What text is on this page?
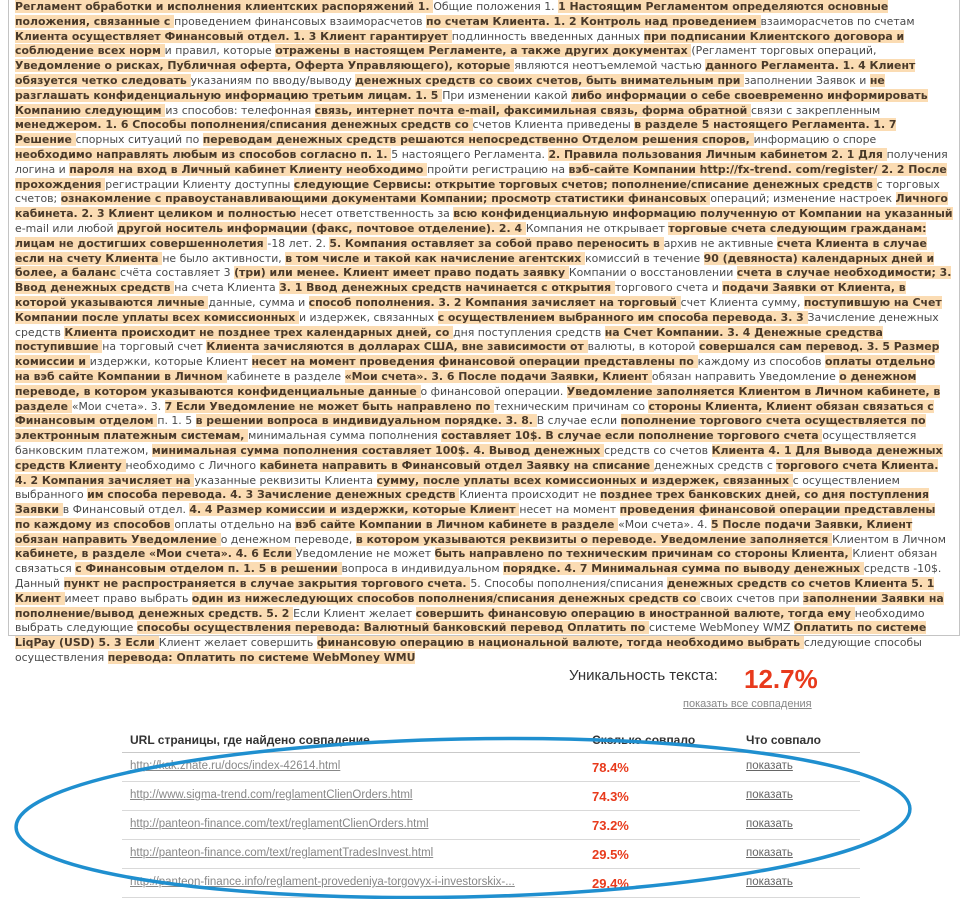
Регламент обработки и исполнения клиентских распоряжений 1. Общие положения 1. 1 Настоящим Регламентом определяются основные положения, связанные с проведением финансовых взаиморасчетов по счетам Клиента. 1. 2 Контроль над проведением взаиморасчетов по счетам Клиента осуществляет Финансовый отдел. 1. 3 Клиент гарантирует подлинность введенных данных при подписании Клиентского договора и соблюдение всех норм и правил, которые отражены в настоящем Регламенте, а также других документах (Регламент торговых операций, Уведомление о рисках, Публичная оферта, Оферта Управляющего), которые являются неотъемлемой частью данного Регламента. 1. 4 Клиент обязуется четко следовать указаниям по вводу/выводу денежных средств со своих счетов, быть внимательным при заполнении Заявок и не разглашать конфиденциальную информацию третьим лицам. 1. 5 При изменении какой либо информации о себе своевременно информировать Компанию следующим из способов: телефонная связь, интернет почта e-mail, факсимильная связь, форма обратной связи с закрепленным менеджером. 1. 6 Способы пополнения/списания денежных средств со счетов Клиента приведены в разделе 5 настоящего Регламента. 1. 7 Решение спорных ситуаций по переводам денежных средств решаются непосредственно Отделом решения споров, информацию о споре необходимо направлять любым из способов согласно п. 1. 5 настоящего Регламента. 2. Правила пользования Личным кабинетом 2. 1 Для получения логина и пароля на вход в Личный кабинет Клиенту необходимо пройти регистрацию на вэб-сайте Компании http://fx-trend. com/register/ 2. 2 После прохождения регистрации Клиенту доступны следующие Сервисы: открытие торговых счетов; пополнение/списание денежных средств с торговых счетов; ознакомление с правоустанавливающими документами Компании; просмотр статистики финансовых операций; изменение настроек Личного кабинета. 2. 3 Клиент целиком и полностью несет ответственность за всю конфиденциальную информацию полученную от Компании на указанный e-mail или любой другой носитель информации (факс, почтовое отделение). 2. 4 Компания не открывает торговые счета следующим гражданам: лицам не достигших совершеннолетия -18 лет. 2. 5. Компания оставляет за собой право переносить в архив не активные счета Клиента в случае если на счету Клиента не было активности, в том числе и такой как начисление агентских комиссий в течение 90 (девяноста) календарных дней и более, а баланс счёта составляет 3 (три) или менее. Клиент имеет право подать заявку Компании о восстановлении счета в случае необходимости; 3. Ввод денежных средств на счета Клиента 3. 1 Ввод денежных средств начинается с открытия торгового счета и подачи Заявки от Клиента, в которой указываются личные данные, сумма и способ пополнения. 3. 2 Компания зачисляет на торговый счет Клиента сумму, поступившую на Счет Компании после уплаты всех комиссионных и издержек, связанных с осуществлением выбранного им способа перевода. 3. 3 Зачисление денежных средств Клиента происходит не позднее трех календарных дней, со дня поступления средств на Счет Компании. 3. 4 Денежные средства поступившие на торговый счет Клиента зачисляются в долларах США, вне зависимости от валюты, в которой совершался сам перевод. 3. 5 Размер комиссии и издержки, которые Клиент несет на момент проведения финансовой операции представлены по каждому из способов оплаты отдельно на вэб сайте Компании в Личном кабинете в разделе «Мои счета». 3. 6 После подачи Заявки, Клиент обязан направить Уведомление о денежном переводе, в котором указываются конфиденциальные данные о финансовой операции. Уведомление заполняется Клиентом в Личном кабинете, в разделе «Мои счета». 3. 7 Если Уведомление не может быть направлено по техническим причинам со стороны Клиента, Клиент обязан связаться с Финансовым отделом п. 1. 5 в решении вопроса в индивидуальном порядке. 3. 8. В случае если пополнение торгового счета осуществляется по электронным платежным системам, минимальная сумма пополнения составляет 10$. В случае если пополнение торгового счета осуществляется банковским платежом, минимальная сумма пополнения составляет 100$. 4. Вывод денежных средств со счетов Клиента 4. 1 Для Вывода денежных средств Клиенту необходимо с Личного кабинета направить в Финансовый отдел Заявку на списание денежных средств с торгового счета Клиента. 4. 2 Компания зачисляет на указанные реквизиты Клиента сумму, после уплаты всех комиссионных и издержек, связанных с осуществлением выбранного им способа перевода. 4. 3 Зачисление денежных средств Клиента происходит не позднее трех банковских дней, со дня поступления Заявки в Финансовый отдел. 4. 4 Размер комиссии и издержки, которые Клиент несет на момент проведения финансовой операции представлены по каждому из способов оплаты отдельно на вэб сайте Компании в Личном кабинете в разделе «Мои счета». 4. 5 После подачи Заявки, Клиент обязан направить Уведомление о денежном переводе, в котором указываются реквизиты о переводе. Уведомление заполняется Клиентом в Личном кабинете, в разделе «Мои счета». 4. 6 Если Уведомление не может быть направлено по техническим причинам со стороны Клиента, Клиент обязан связаться с Финансовым отделом п. 1. 5 в решении вопроса в индивидуальном порядке. 4. 7 Минимальная сумма по выводу денежных средств -10$. Данный пункт не распространяется в случае закрытия торгового счета. 5. Способы пополнения/списания денежных средств со счетов Клиента 5. 1 Клиент имеет право выбрать один из нижеследующих способов пополнения/списания денежных средств со своих счетов при заполнении Заявки на пополнение/вывод денежных средств. 5. 2 Если Клиент желает совершить финансовую операцию в иностранной валюте, тогда ему необходимо выбрать следующие способы осуществления перевода: Валютный банковский перевод Оплатить по системе WebMoney WMZ Оплатить по системе LiqPay (USD) 5. 3 Если Клиент желает совершить финансовую операцию в национальной валюте, тогда необходимо выбрать следующие способы осуществления перевода: Оплатить по системе WebMoney WMU
Уникальность текста: 12.7%
показать все совпадения
URL страницы, где найдено совпадение	Сколько совпало	Что совпало
http://kak.znate.ru/docs/index-42614.html	78.4%	показать
http://www.sigma-trend.com/reglamentClienOrders.html	74.3%	показать
http://panteon-finance.com/text/reglamentClienOrders.html	73.2%	показать
http://panteon-finance.com/text/reglamentTradesInvest.html	29.5%	показать
http://panteon-finance.info/reglament-provedeniya-torgovyx-i-investorskix-...	29.4%	показать
